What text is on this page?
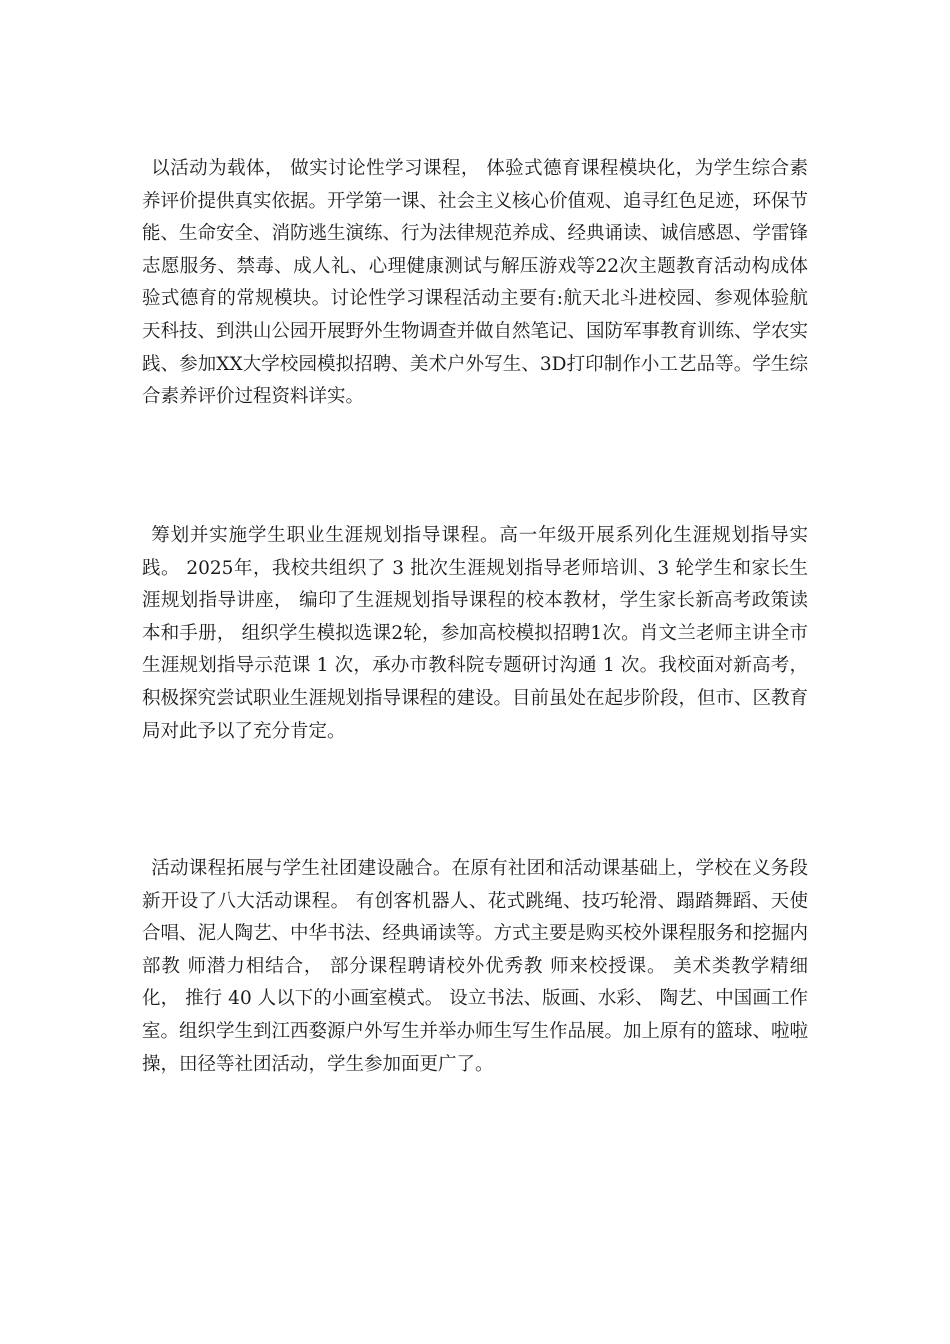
以活动为载体， 做实讨论性学习课程， 体验式德育课程模块化，为学生综合素养评价提供真实依据。开学第一课、社会主义核心价值观、追寻红色足迹，环保节能、生命安全、消防逃生演练、行为法律规范养成、经典诵读、诚信感恩、学雷锋志愿服务、禁毒、成人礼、心理健康测试与解压游戏等22次主题教育活动构成体验式德育的常规模块。讨论性学习课程活动主要有:航天北斗进校园、参观体验航天科技、到洪山公园开展野外生物调查并做自然笔记、国防军事教育训练、学农实践、参加XX大学校园模拟招聘、美术户外写生、3D打印制作小工艺品等。学生综合素养评价过程资料详实。

筹划并实施学生职业生涯规划指导课程。高一年级开展系列化生涯规划指导实践。 2025年，我校共组织了 3 批次生涯规划指导老师培训、3 轮学生和家长生涯规划指导讲座， 编印了生涯规划指导课程的校本教材，学生家长新高考政策读本和手册， 组织学生模拟选课2轮，参加高校模拟招聘1次。肖文兰老师主讲全市生涯规划指导示范课 1 次，承办市教科院专题研讨沟通 1 次。我校面对新高考， 积极探究尝试职业生涯规划指导课程的建设。目前虽处在起步阶段，但市、区教育局对此予以了充分肯定。

活动课程拓展与学生社团建设融合。在原有社团和活动课基础上，学校在义务段新开设了八大活动课程。 有创客机器人、花式跳绳、技巧轮滑、蹋踏舞蹈、天使合唱、泥人陶艺、中华书法、经典诵读等。方式主要是购买校外课程服务和挖掘内部教 师潜力相结合， 部分课程聘请校外优秀教 师来校授课。 美术类教学精细化， 推行 40 人以下的小画室模式。 设立书法、版画、水彩、 陶艺、中国画工作室。组织学生到江西婺源户外写生并举办师生写生作品展。加上原有的篮球、啦啦操，田径等社团活动，学生参加面更广了。
